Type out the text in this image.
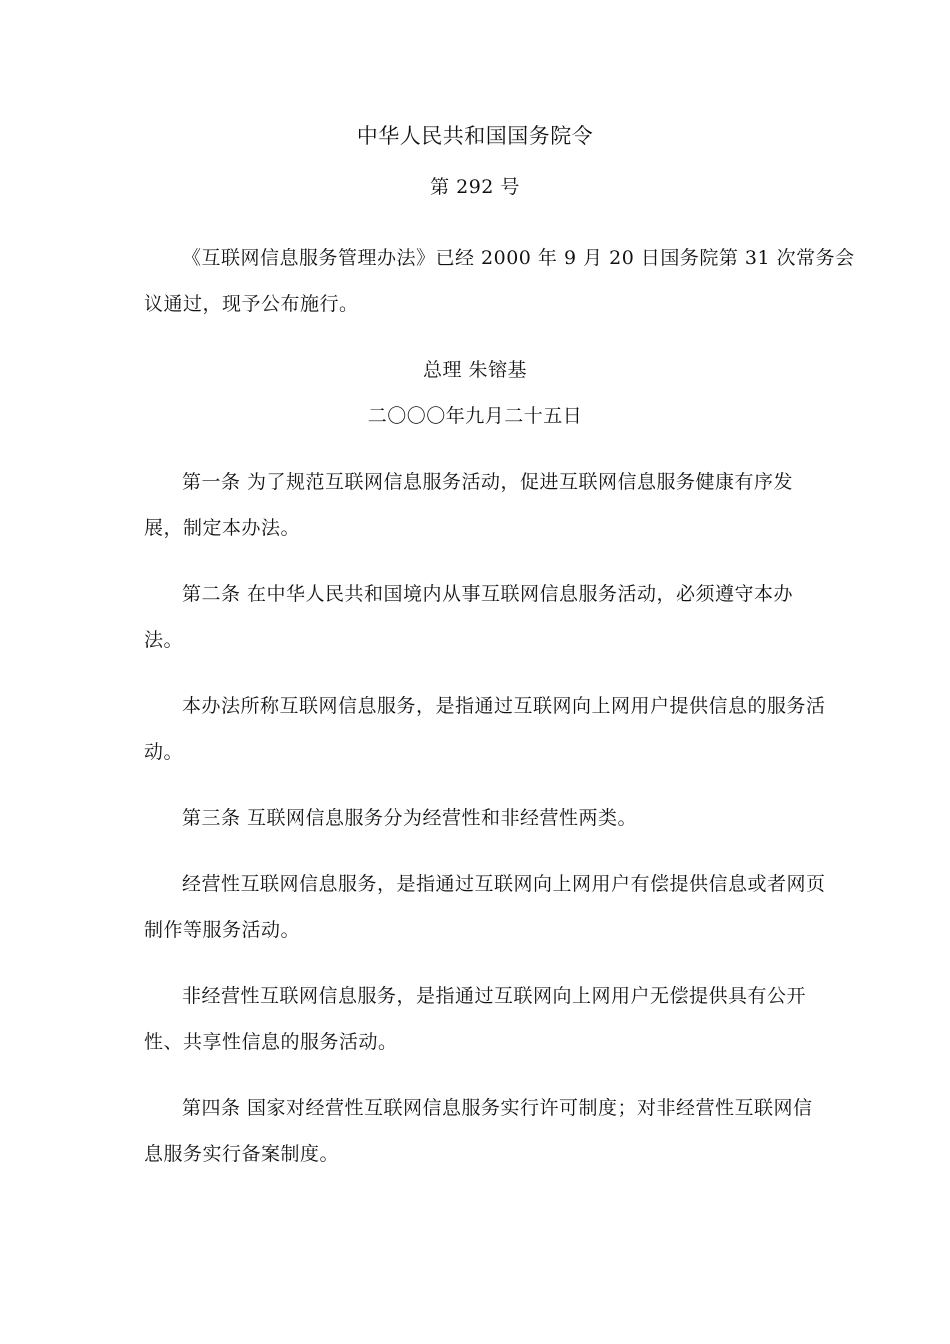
中华人民共和国国务院令
第 292 号
《互联网信息服务管理办法》已经 2000 年 9 月 20 日国务院第 31 次常务会
议通过，现予公布施行。
总理 朱镕基
二〇〇〇年九月二十五日
第一条 为了规范互联网信息服务活动，促进互联网信息服务健康有序发
展，制定本办法。
第二条 在中华人民共和国境内从事互联网信息服务活动，必须遵守本办
法。
本办法所称互联网信息服务，是指通过互联网向上网用户提供信息的服务活
动。
第三条 互联网信息服务分为经营性和非经营性两类。
经营性互联网信息服务，是指通过互联网向上网用户有偿提供信息或者网页
制作等服务活动。
非经营性互联网信息服务，是指通过互联网向上网用户无偿提供具有公开
性、共享性信息的服务活动。
第四条 国家对经营性互联网信息服务实行许可制度；对非经营性互联网信
息服务实行备案制度。
